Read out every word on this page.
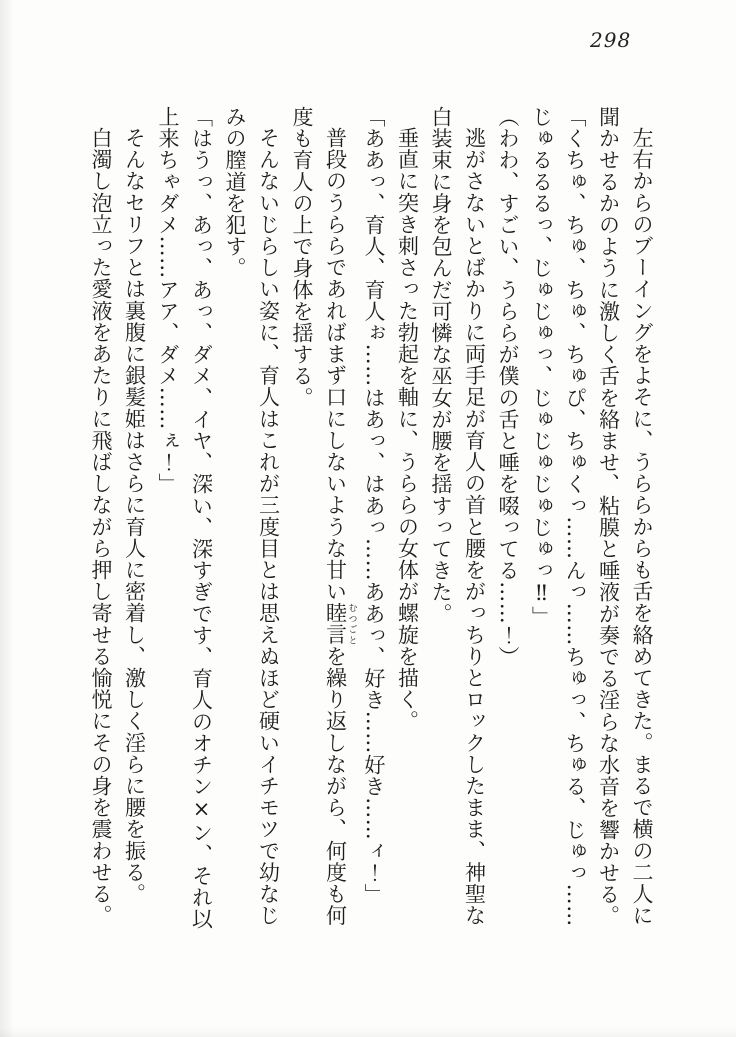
298

左右からのブーイングをよそに、うららからも舌を絡めてきた。まるで横の二人に聞かせるかのように激しく舌を絡ませ、粘膜と唾液が奏でる淫らな水音を響かせる。

「くちゅ、ちゅ、ちゅ、ちゅぴ、ちゅくっ……んっ……ちゅっ、ちゅる、じゅっ……じゅるるるっ、じゅじゅっ、じゅじゅじゅじゅっ‼」

（わわ、すごい、うららが僕の舌と唾を啜ってる……！）

逃がさないとばかりに両手足が育人の首と腰をがっちりとロックしたまま、神聖な白装束に身を包んだ可憐な巫女が腰を揺すってきた。

垂直に突き刺さった勃起を軸に、うららの女体が螺旋を描く。

「ああっ、育人、育人ぉ……はあっ、はあっ……ああっ、好き……好き……ィ！」

普段のうららであればまず口にしないような甘い睦言 むつごとを繰り返しながら、何度も何度も育人の上で身体を揺する。

そんないじらしい姿に、育人はこれが三度目とは思えぬほど硬いイチモツで幼なじみの膣道を犯す。

「はうっ、あっ、あっ、ダメ、イヤ、深い、深すぎです、育人のオチン×ン、それ以上来ちゃダメ……アア、ダメ……ぇ！」

そんなセリフとは裏腹に銀髪姫はさらに育人に密着し、激しく淫らに腰を振る。

白濁し泡立った愛液をあたりに飛ばしながら押し寄せる愉悦にその身を震わせる。
